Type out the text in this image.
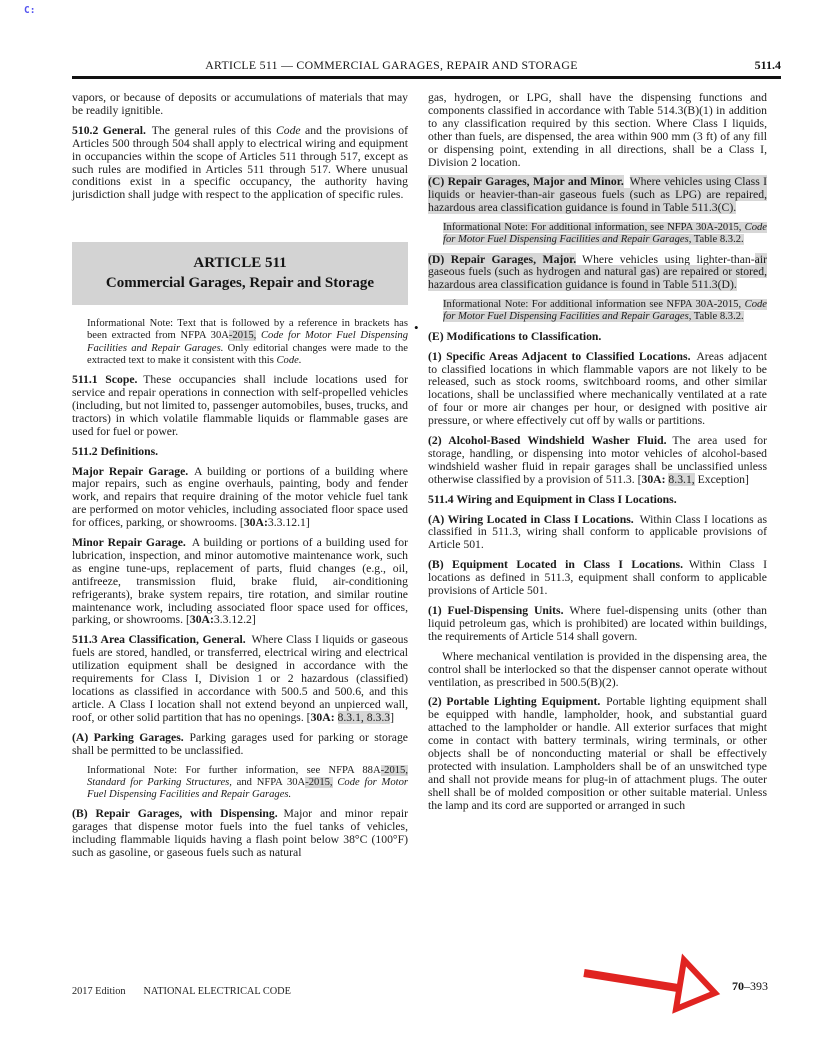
C:
ARTICLE 511 — COMMERCIAL GARAGES, REPAIR AND STORAGE	511.4
vapors, or because of deposits or accumulations of materials that may be readily ignitible.
510.2 General. The general rules of this Code and the provisions of Articles 500 through 504 shall apply to electrical wiring and equipment in occupancies within the scope of Articles 511 through 517, except as such rules are modified in Articles 511 through 517. Where unusual conditions exist in a specific occupancy, the authority having jurisdiction shall judge with respect to the application of specific rules.
ARTICLE 511
Commercial Garages, Repair and Storage
Informational Note: Text that is followed by a reference in brackets has been extracted from NFPA 30A-2015, Code for Motor Fuel Dispensing Facilities and Repair Garages. Only editorial changes were made to the extracted text to make it consistent with this Code.
511.1 Scope. These occupancies shall include locations used for service and repair operations in connection with self-propelled vehicles (including, but not limited to, passenger automobiles, buses, trucks, and tractors) in which volatile flammable liquids or flammable gases are used for fuel or power.
511.2 Definitions.
Major Repair Garage. A building or portions of a building where major repairs, such as engine overhauls, painting, body and fender work, and repairs that require draining of the motor vehicle fuel tank are performed on motor vehicles, including associated floor space used for offices, parking, or showrooms. [30A:3.3.12.1]
Minor Repair Garage. A building or portions of a building used for lubrication, inspection, and minor automotive maintenance work, such as engine tune-ups, replacement of parts, fluid changes (e.g., oil, antifreeze, transmission fluid, brake fluid, air-conditioning refrigerants), brake system repairs, tire rotation, and similar routine maintenance work, including associated floor space used for offices, parking, or showrooms. [30A:3.3.12.2]
511.3 Area Classification, General. Where Class I liquids or gaseous fuels are stored, handled, or transferred, electrical wiring and electrical utilization equipment shall be designed in accordance with the requirements for Class I, Division 1 or 2 hazardous (classified) locations as classified in accordance with 500.5 and 500.6, and this article. A Class I location shall not extend beyond an unpierced wall, roof, or other solid partition that has no openings. [30A: 8.3.1, 8.3.3]
(A) Parking Garages. Parking garages used for parking or storage shall be permitted to be unclassified.
Informational Note: For further information, see NFPA 88A-2015, Standard for Parking Structures, and NFPA 30A-2015, Code for Motor Fuel Dispensing Facilities and Repair Garages.
(B) Repair Garages, with Dispensing. Major and minor repair garages that dispense motor fuels into the fuel tanks of vehicles, including flammable liquids having a flash point below 38°C (100°F) such as gasoline, or gaseous fuels such as natural
gas, hydrogen, or LPG, shall have the dispensing functions and components classified in accordance with Table 514.3(B)(1) in addition to any classification required by this section. Where Class I liquids, other than fuels, are dispensed, the area within 900 mm (3 ft) of any fill or dispensing point, extending in all directions, shall be a Class I, Division 2 location.
(C) Repair Garages, Major and Minor.  Where vehicles using Class I liquids or heavier-than-air gaseous fuels (such as LPG) are repaired, hazardous area classification guidance is found in Table 511.3(C).
Informational Note: For additional information, see NFPA 30A-2015, Code for Motor Fuel Dispensing Facilities and Repair Garages, Table 8.3.2.
(D) Repair Garages, Major. Where vehicles using lighter-than-air gaseous fuels (such as hydrogen and natural gas) are repaired or stored, hazardous area classification guidance is found in Table 511.3(D).
Informational Note: For additional information see NFPA 30A-2015, Code for Motor Fuel Dispensing Facilities and Repair Garages, Table 8.3.2.
•
(E) Modifications to Classification.
(1) Specific Areas Adjacent to Classified Locations. Areas adjacent to classified locations in which flammable vapors are not likely to be released, such as stock rooms, switchboard rooms, and other similar locations, shall be unclassified where mechanically ventilated at a rate of four or more air changes per hour, or designed with positive air pressure, or where effectively cut off by walls or partitions.
(2) Alcohol-Based Windshield Washer Fluid. The area used for storage, handling, or dispensing into motor vehicles of alcohol-based windshield washer fluid in repair garages shall be unclassified unless otherwise classified by a provision of 511.3. [30A: 8.3.1, Exception]
511.4 Wiring and Equipment in Class I Locations.
(A) Wiring Located in Class I Locations. Within Class I locations as classified in 511.3, wiring shall conform to applicable provisions of Article 501.
(B) Equipment Located in Class I Locations. Within Class I locations as defined in 511.3, equipment shall conform to applicable provisions of Article 501.
(1) Fuel-Dispensing Units. Where fuel-dispensing units (other than liquid petroleum gas, which is prohibited) are located within buildings, the requirements of Article 514 shall govern.
Where mechanical ventilation is provided in the dispensing area, the control shall be interlocked so that the dispenser cannot operate without ventilation, as prescribed in 500.5(B)(2).
(2) Portable Lighting Equipment. Portable lighting equipment shall be equipped with handle, lampholder, hook, and substantial guard attached to the lampholder or handle. All exterior surfaces that might come in contact with battery terminals, wiring terminals, or other objects shall be of nonconducting material or shall be effectively protected with insulation. Lampholders shall be of an unswitched type and shall not provide means for plug-in of attachment plugs. The outer shell shall be of molded composition or other suitable material. Unless the lamp and its cord are supported or arranged in such
2017 Edition NATIONAL ELECTRICAL CODE	70–393
